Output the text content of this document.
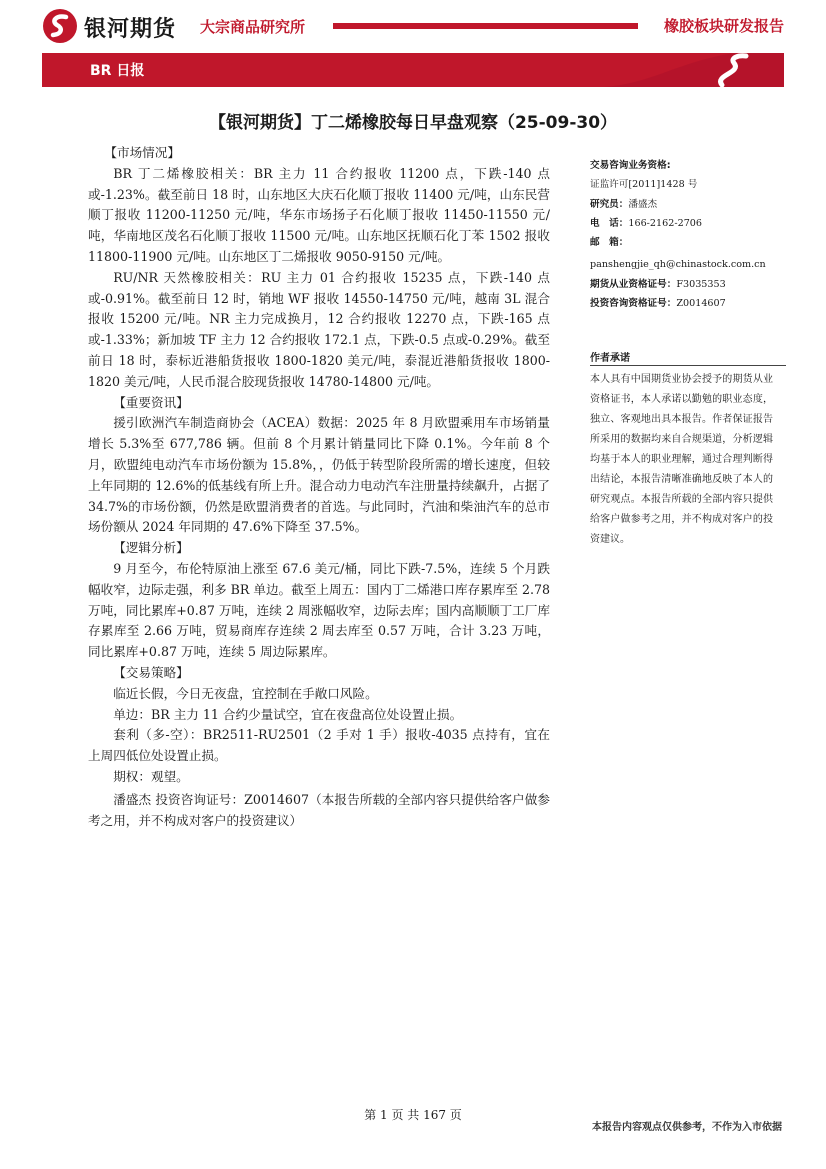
银河期货 大宗商品研究所	橡胶板块研发报告
BR 日报
【银河期货】丁二烯橡胶每日早盘观察（25-09-30）

【市场情况】

BR 丁二烯橡胶相关：BR 主力 11 合约报收 11200 点，下跌-140 点或-1.23%。截至前日 18 时，山东地区大庆石化顺丁报收 11400 元/吨，山东民营顺丁报收 11200-11250 元/吨，华东市场扬子石化顺丁报收 11450-11550 元/吨，华南地区茂名石化顺丁报收 11500 元/吨。山东地区抚顺石化丁苯 1502 报收 11800-11900 元/吨。山东地区丁二烯报收 9050-9150 元/吨。

RU/NR 天然橡胶相关：RU 主力 01 合约报收 15235 点，下跌-140 点或-0.91%。截至前日 12 时，销地 WF 报收 14550-14750 元/吨，越南 3L 混合报收 15200 元/吨。NR 主力完成换月，12 合约报收 12270 点，下跌-165 点或-1.33%；新加坡 TF 主力 12 合约报收 172.1 点，下跌-0.5 点或-0.29%。截至前日 18 时，泰标近港船货报收 1800-1820 美元/吨，泰混近港船货报收 1800-1820 美元/吨，人民币混合胶现货报收 14780-14800 元/吨。

【重要资讯】

援引欧洲汽车制造商协会（ACEA）数据：2025 年 8 月欧盟乘用车市场销量增长 5.3%至 677,786 辆。但前 8 个月累计销量同比下降 0.1%。今年前 8 个月，欧盟纯电动汽车市场份额为 15.8%，，仍低于转型阶段所需的增长速度，但较上年同期的 12.6%的低基线有所上升。混合动力电动汽车注册量持续飙升，占据了 34.7%的市场份额，仍然是欧盟消费者的首选。与此同时，汽油和柴油汽车的总市场份额从 2024 年同期的 47.6%下降至 37.5%。

【逻辑分析】

9 月至今，布伦特原油上涨至 67.6 美元/桶，同比下跌-7.5%，连续 5 个月跌幅收窄，边际走强，利多 BR 单边。截至上周五：国内丁二烯港口库存累库至 2.78 万吨，同比累库+0.87 万吨，连续 2 周涨幅收窄，边际去库；国内高顺顺丁工厂库存累库至 2.66 万吨，贸易商库存连续 2 周去库至 0.57 万吨，合计 3.23 万吨，同比累库+0.87 万吨，连续 5 周边际累库。

【交易策略】

临近长假，今日无夜盘，宜控制在手敞口风险。

单边：BR 主力 11 合约少量试空，宜在夜盘高位处设置止损。

套利（多-空）：BR2511-RU2501（2 手对 1 手）报收-4035 点持有，宜在上周四低位处设置止损。

期权：观望。

潘盛杰 投资咨询证号：Z0014607（本报告所载的全部内容只提供给客户做参考之用，并不构成对客户的投资建议）

交易咨询业务资格:
证监许可[2011]1428 号
研究员：潘盛杰
电　话：166-2162-2706
邮　箱：
panshengjie_qh@chinastock.com.cn
期货从业资格证号：F3035353
投资咨询资格证号：Z0014607
作者承诺
本人具有中国期货业协会授予的期货从业资格证书，本人承诺以勤勉的职业态度，独立、客观地出具本报告。作者保证报告所采用的数据均来自合规渠道，分析逻辑均基于本人的职业理解，通过合理判断得出结论，本报告清晰准确地反映了本人的研究观点。本报告所载的全部内容只提供给客户做参考之用，并不构成对客户的投资建议。
第 1 页 共 167 页
本报告内容观点仅供参考，不作为入市依据
